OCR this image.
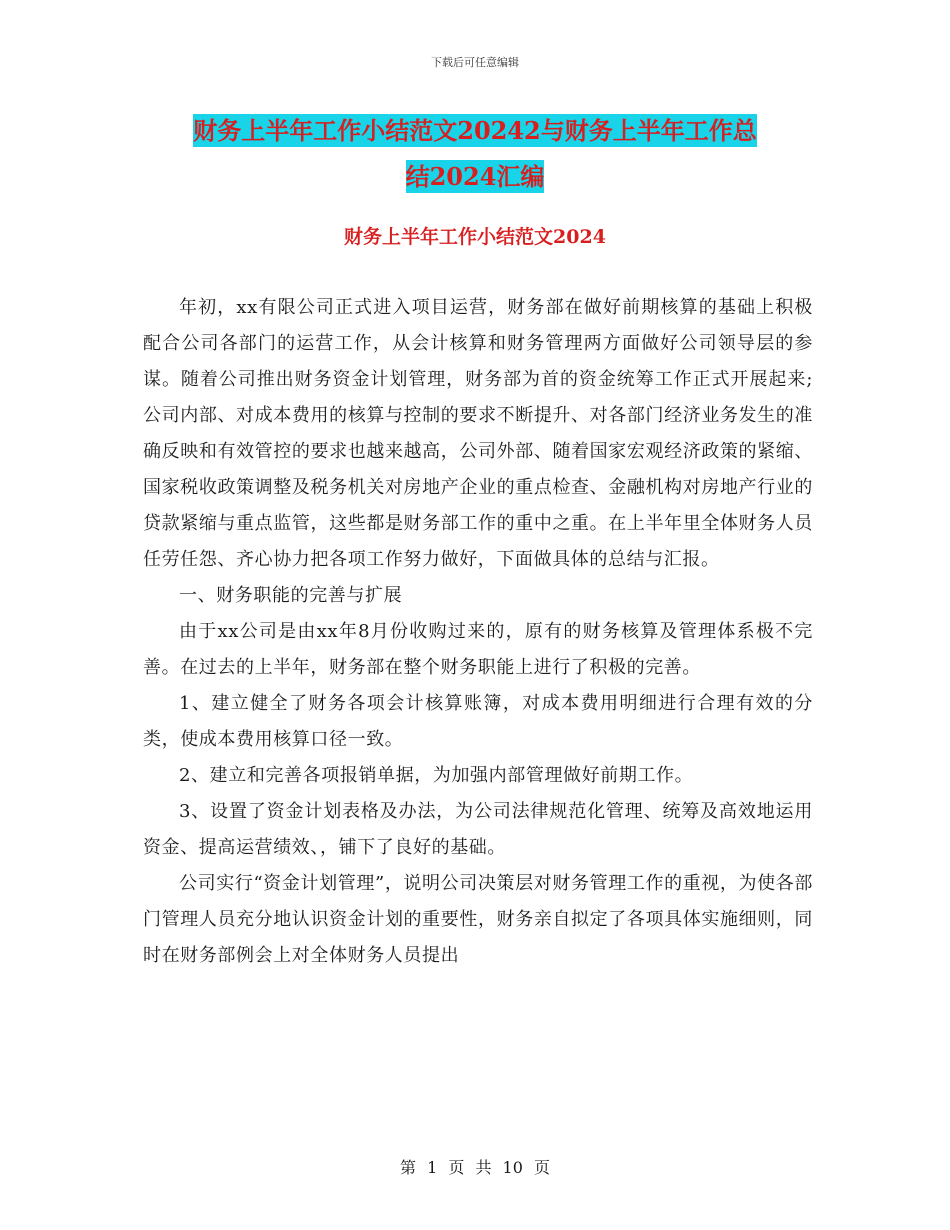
下载后可任意编辑
财务上半年工作小结范文20242与财务上半年工作总
结2024汇编
财务上半年工作小结范文2024

年初，xx有限公司正式进入项目运营，财务部在做好前期核算的基础上积极配合公司各部门的运营工作，从会计核算和财务管理两方面做好公司领导层的参谋。随着公司推出财务资金计划管理，财务部为首的资金统筹工作正式开展起来;公司内部、对成本费用的核算与控制的要求不断提升、对各部门经济业务发生的准确反映和有效管控的要求也越来越高，公司外部、随着国家宏观经济政策的紧缩、国家税收政策调整及税务机关对房地产企业的重点检查、金融机构对房地产行业的贷款紧缩与重点监管，这些都是财务部工作的重中之重。在上半年里全体财务人员任劳任怨、齐心协力把各项工作努力做好，下面做具体的总结与汇报。

一、财务职能的完善与扩展

由于xx公司是由xx年8月份收购过来的，原有的财务核算及管理体系极不完善。在过去的上半年，财务部在整个财务职能上进行了积极的完善。

1、建立健全了财务各项会计核算账簿，对成本费用明细进行合理有效的分类，使成本费用核算口径一致。

2、建立和完善各项报销单据，为加强内部管理做好前期工作。

3、设置了资金计划表格及办法，为公司法律规范化管理、统筹及高效地运用资金、提高运营绩效、，铺下了良好的基础。

公司实行“资金计划管理”，说明公司决策层对财务管理工作的重视，为使各部门管理人员充分地认识资金计划的重要性，财务亲自拟定了各项具体实施细则，同时在财务部例会上对全体财务人员提出

第 1 页 共 10 页
